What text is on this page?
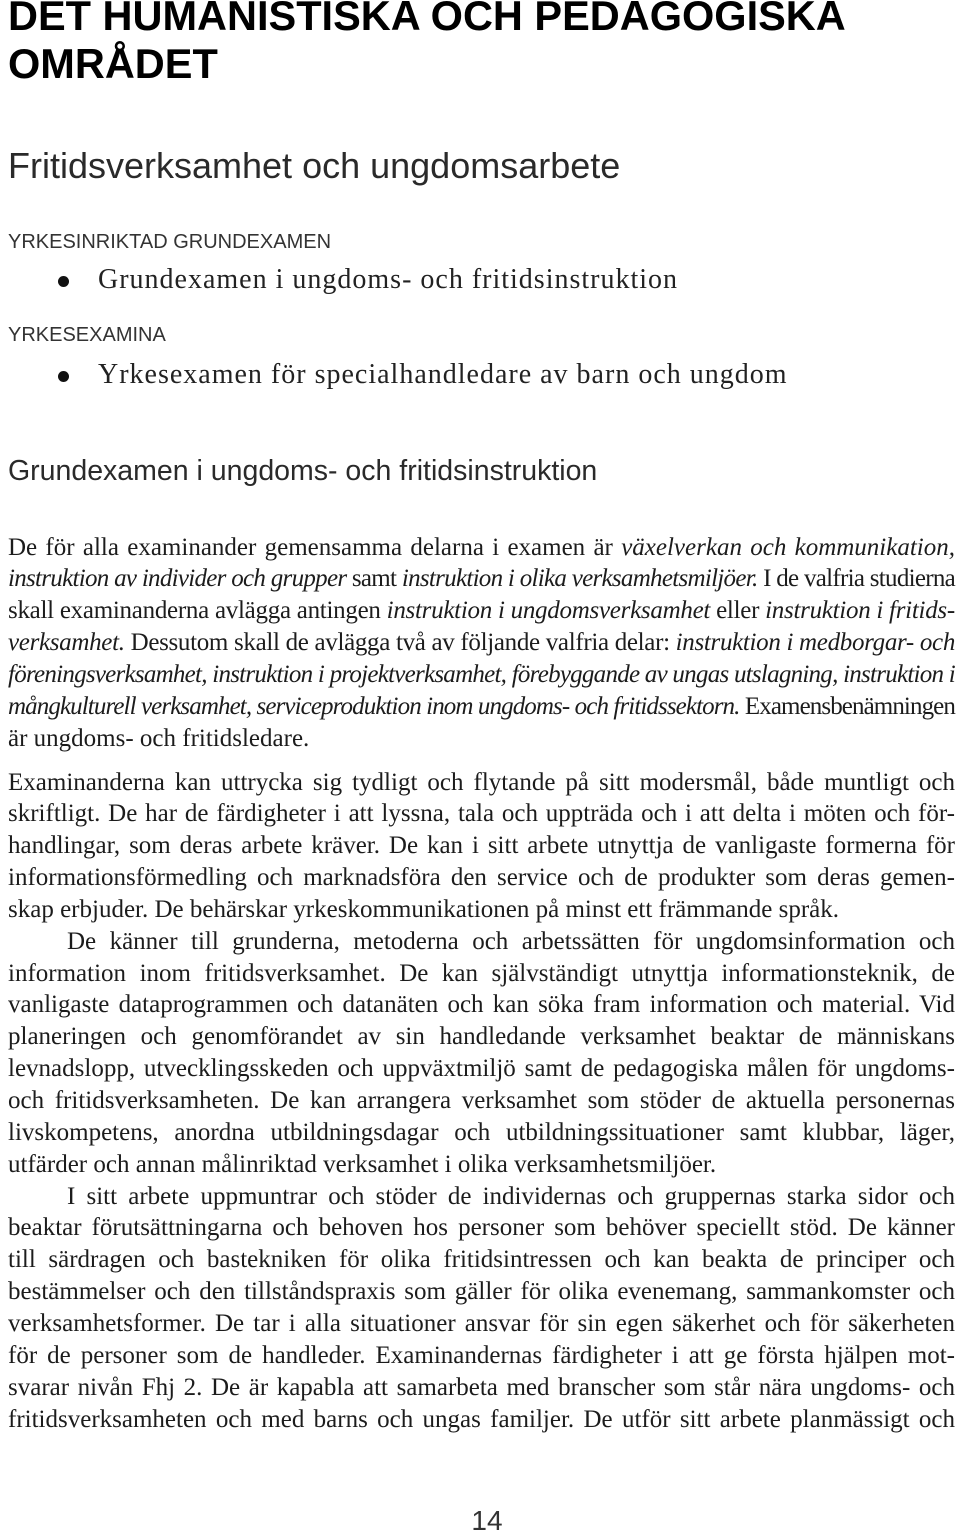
DET HUMANISTISKA OCH PEDAGOGISKA
OMRÅDET
Fritidsverksamhet och ungdomsarbete
YRKESINRIKTAD GRUNDEXAMEN
Grundexamen i ungdoms- och fritidsinstruktion
YRKESEXAMINA
Yrkesexamen för specialhandledare av barn och ungdom
Grundexamen i ungdoms- och fritidsinstruktion
De för alla examinander gemensamma delarna i examen är växelverkan och kommunikation,
instruktion av individer och grupper samt instruktion i olika verksamhetsmiljöer. I de valfria studierna
skall examinanderna avlägga antingen instruktion i ungdomsverksamhet eller instruktion i fritids-
verksamhet. Dessutom skall de avlägga två av följande valfria delar: instruktion i medborgar- och
föreningsverksamhet, instruktion i projektverksamhet, förebyggande av ungas utslagning, instruktion i
mångkulturell verksamhet, serviceproduktion inom ungdoms- och fritidssektorn. Examensbenämningen
är ungdoms- och fritidsledare.
Examinanderna kan uttrycka sig tydligt och flytande på sitt modersmål, både muntligt och
skriftligt. De har de färdigheter i att lyssna, tala och uppträda och i att delta i möten och för-
handlingar, som deras arbete kräver. De kan i sitt arbete utnyttja de vanligaste formerna för
informationsförmedling och marknadsföra den service och de produkter som deras gemen-
skap erbjuder. De behärskar yrkeskommunikationen på minst ett främmande språk.
De känner till grunderna, metoderna och arbetssätten för ungdomsinformation och
information inom fritidsverksamhet. De kan självständigt utnyttja informationsteknik, de
vanligaste dataprogrammen och datanäten och kan söka fram information och material. Vid
planeringen och genomförandet av sin handledande verksamhet beaktar de människans
levnadslopp, utvecklingsskeden och uppväxtmiljö samt de pedagogiska målen för ungdoms-
och fritidsverksamheten. De kan arrangera verksamhet som stöder de aktuella personernas
livskompetens, anordna utbildningsdagar och utbildningssituationer samt klubbar, läger,
utfärder och annan målinriktad verksamhet i olika verksamhetsmiljöer.
I sitt arbete uppmuntrar och stöder de individernas och gruppernas starka sidor och
beaktar förutsättningarna och behoven hos personer som behöver speciellt stöd. De känner
till särdragen och bastekniken för olika fritidsintressen och kan beakta de principer och
bestämmelser och den tillståndspraxis som gäller för olika evenemang, sammankomster och
verksamhetsformer. De tar i alla situationer ansvar för sin egen säkerhet och för säkerheten
för de personer som de handleder. Examinandernas färdigheter i att ge första hjälpen mot-
svarar nivån Fhj 2. De är kapabla att samarbeta med branscher som står nära ungdoms- och
fritidsverksamheten och med barns och ungas familjer. De utför sitt arbete planmässigt och
14
